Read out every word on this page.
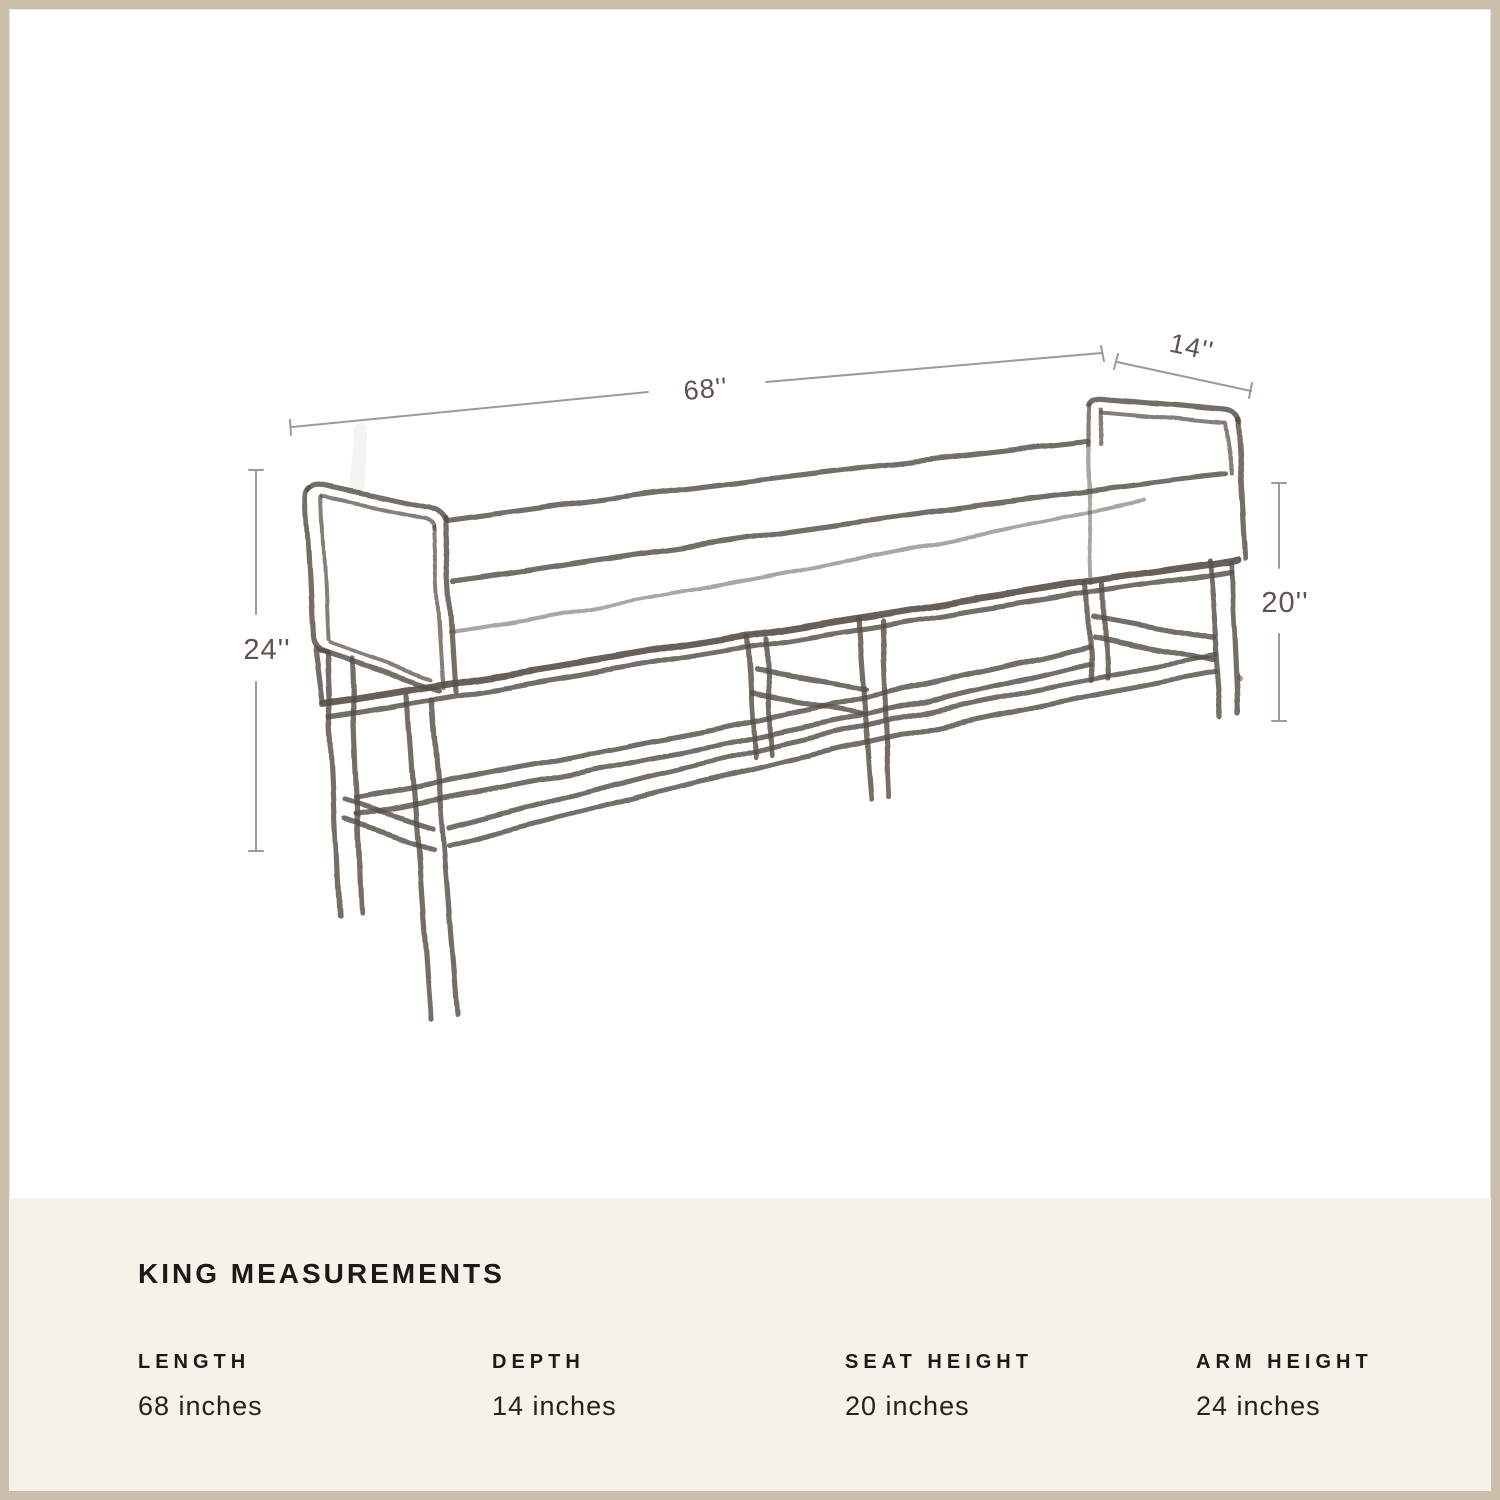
68''
14''
24''
20''
KING MEASUREMENTS
LENGTH
68 inches
DEPTH
14 inches
SEAT HEIGHT
20 inches
ARM HEIGHT
24 inches
